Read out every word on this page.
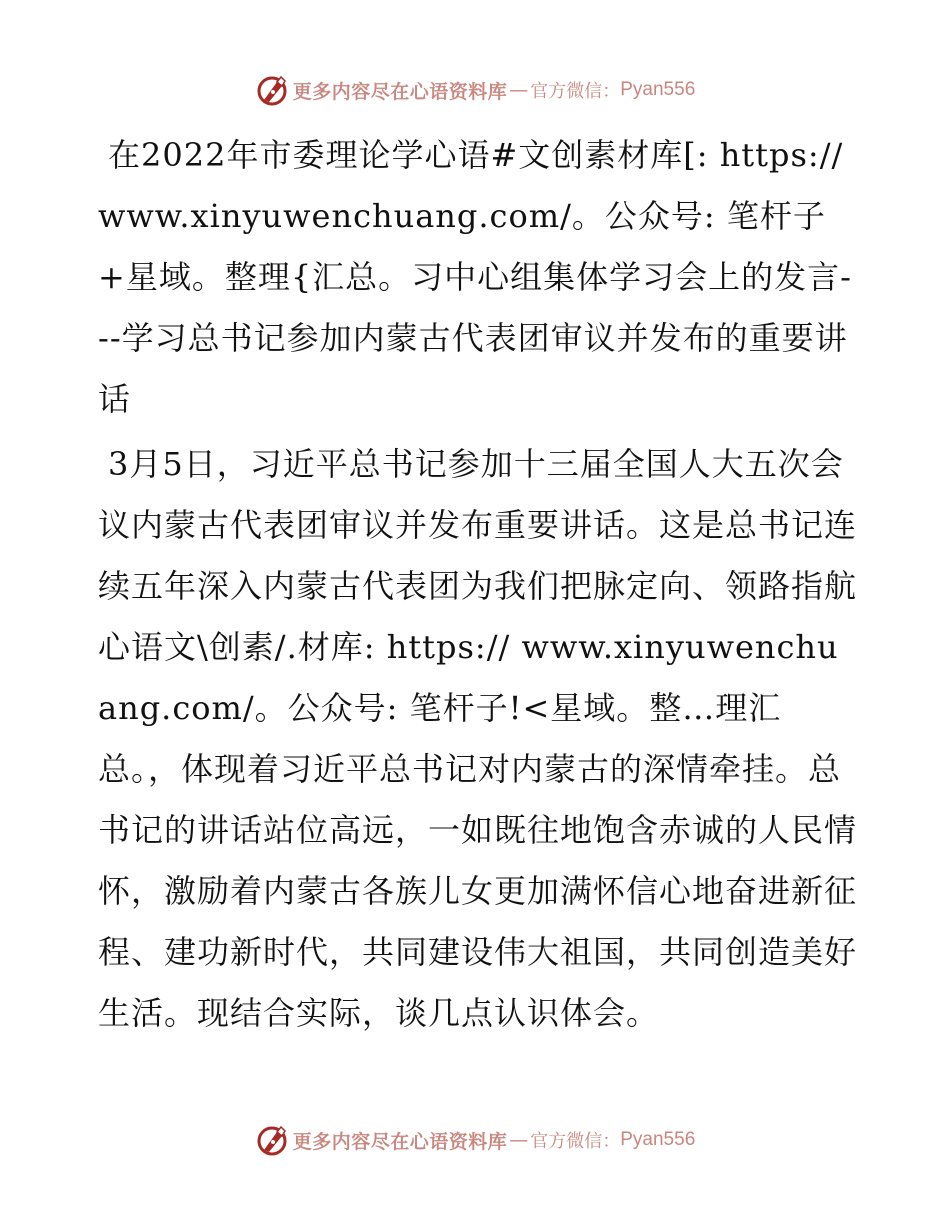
更多内容尽在心语资料库 — 官方微信： Pyan556

在2022年市委理论学心语#文创素材库[: https://www.xinyuwenchuang.com/。公众号: 笔杆子+星域。整理{汇总。习中心组集体学习会上的发言---学习总书记参加内蒙古代表团审议并发布的重要讲话

3月5日，习近平总书记参加十三届全国人大五次会议内蒙古代表团审议并发布重要讲话。这是总书记连续五年深入内蒙古代表团为我们把脉定向、领路指航心语文\创素/.材库: https:// www.xinyuwenchuang.com/。公众号: 笔杆子!<星域。整…理汇总。，体现着习近平总书记对内蒙古的深情牵挂。总书记的讲话站位高远，一如既往地饱含赤诚的人民情怀，激励着内蒙古各族儿女更加满怀信心地奋进新征程、建功新时代，共同建设伟大祖国，共同创造美好生活。现结合实际，谈几点认识体会。

更多内容尽在心语资料库 — 官方微信： Pyan556
